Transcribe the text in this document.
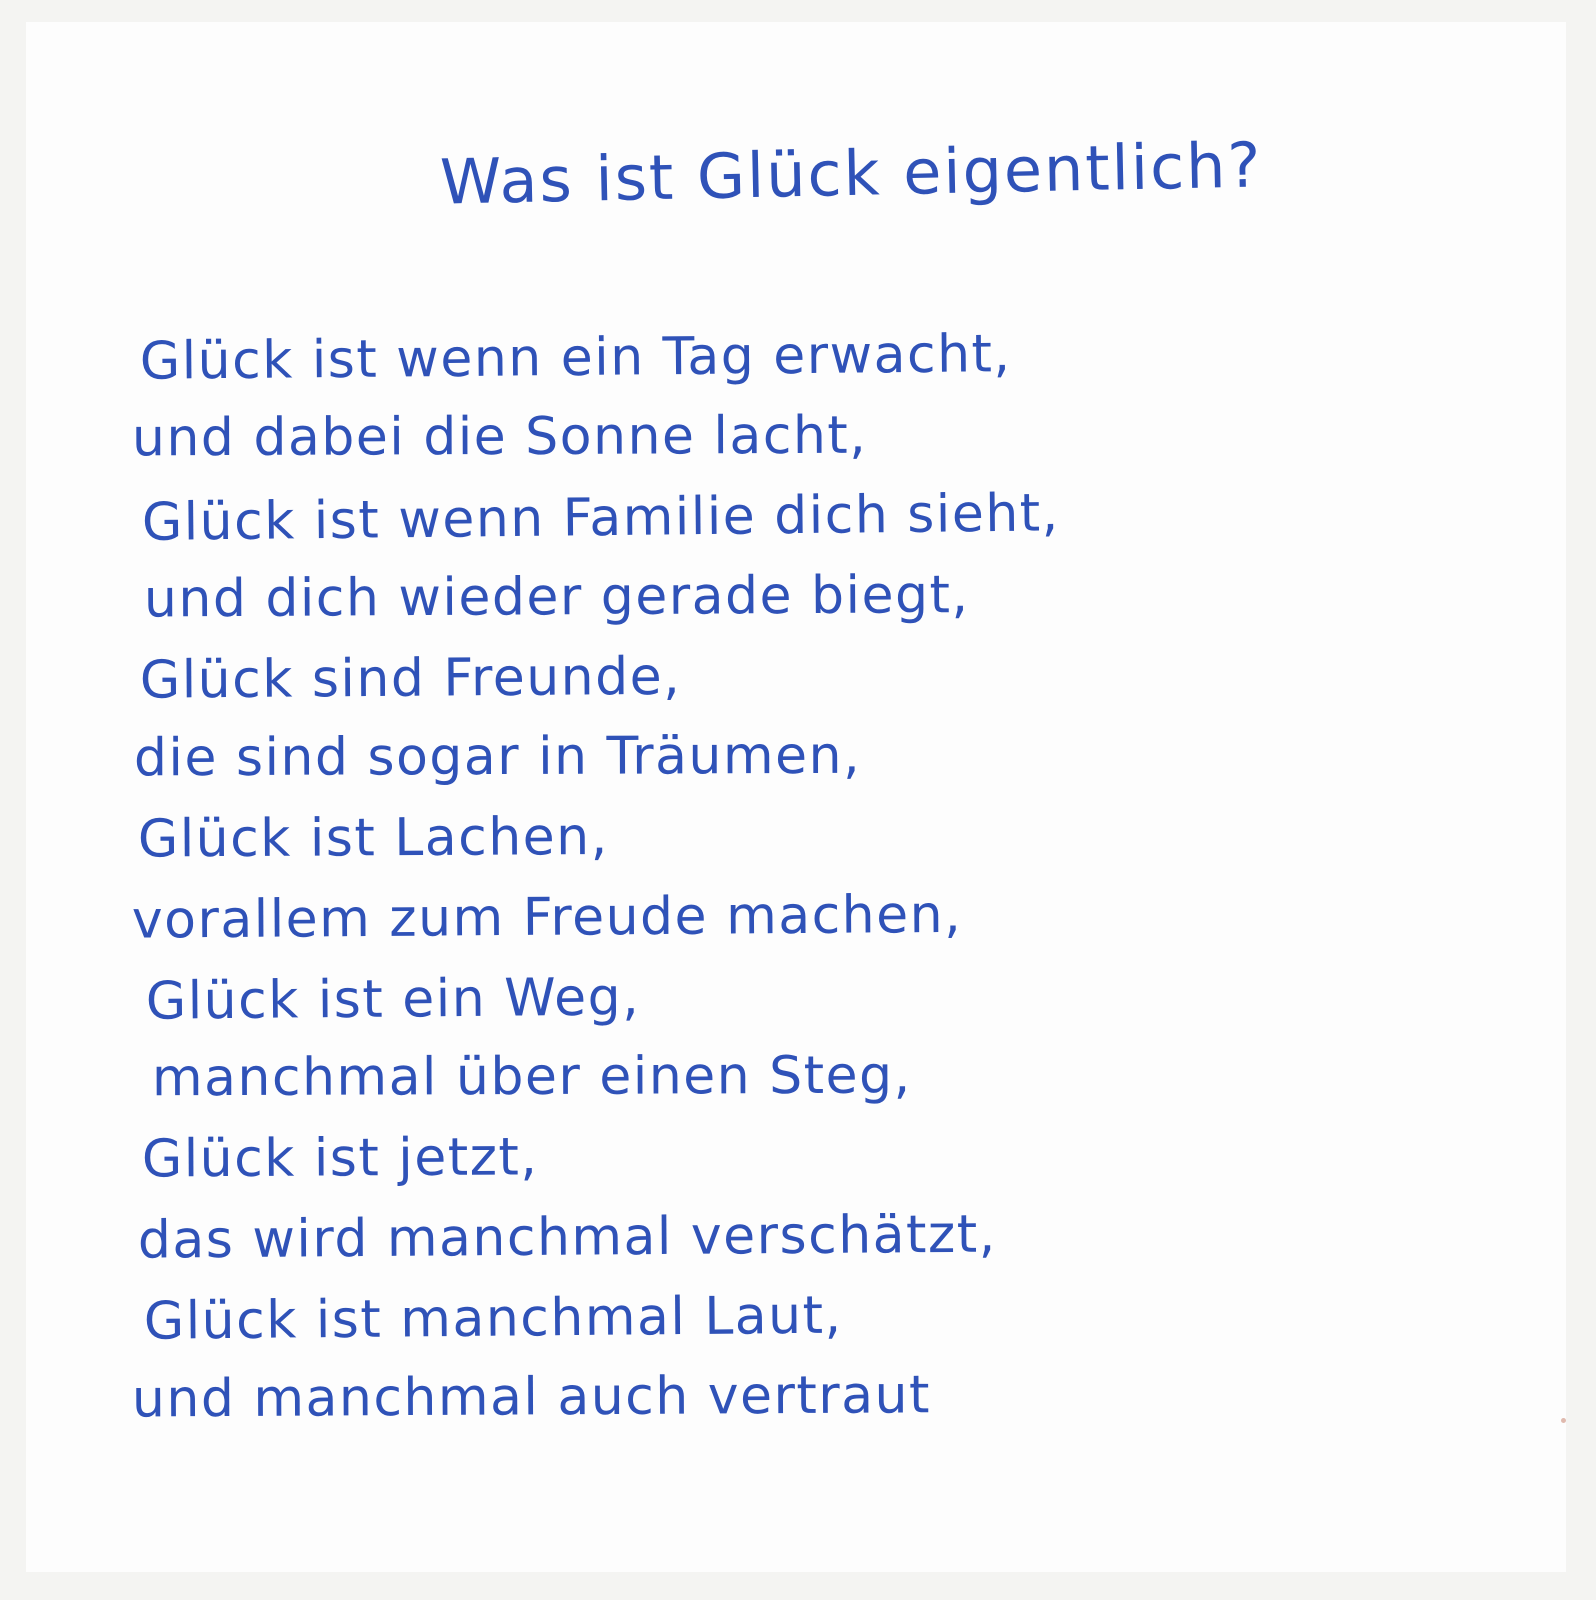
Was ist Glück eigentlich?
Glück ist wenn ein Tag erwacht,
und dabei die Sonne lacht,
Glück ist wenn Familie dich sieht,
und dich wieder gerade biegt,
Glück sind Freunde,
die sind sogar in Träumen,
Glück ist Lachen,
vorallem zum Freude machen,
Glück ist ein Weg,
manchmal über einen Steg,
Glück ist jetzt,
das wird manchmal verschätzt,
Glück ist manchmal Laut,
und manchmal auch vertraut
